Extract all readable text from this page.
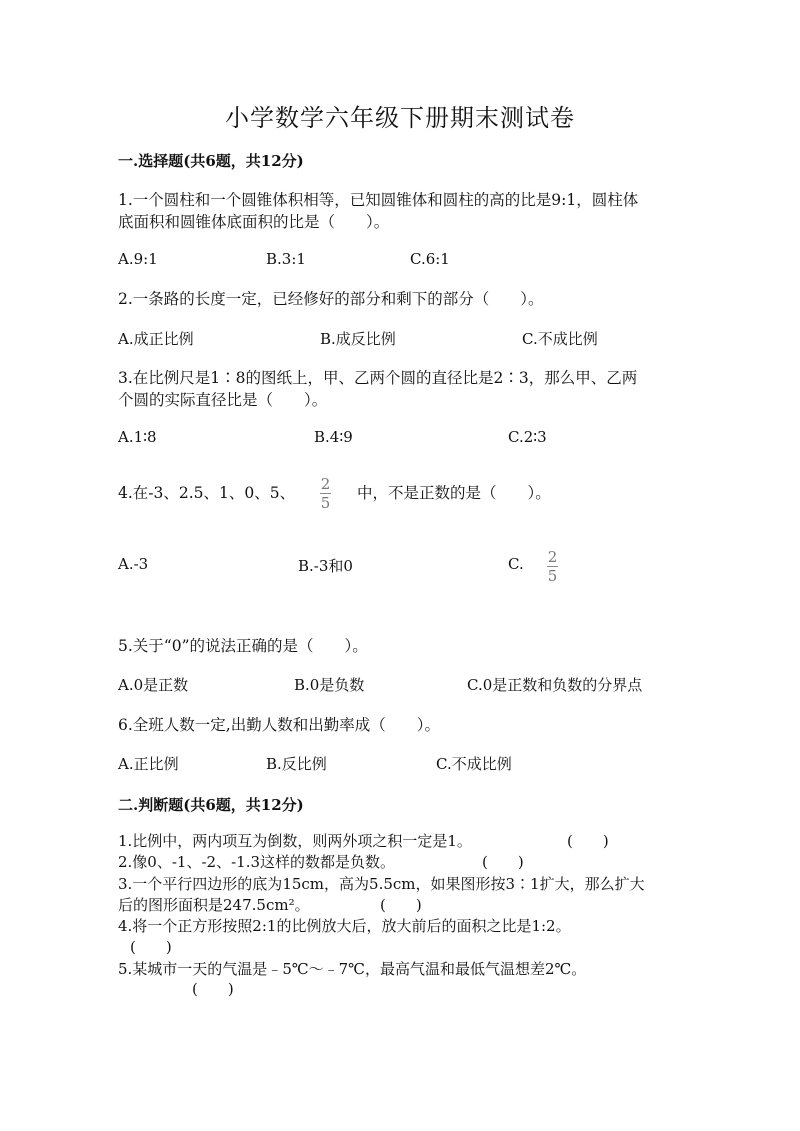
小学数学六年级下册期末测试卷
一.选择题(共6题，共12分)
1.一个圆柱和一个圆锥体积相等，已知圆锥体和圆柱的高的比是9:1，圆柱体
底面积和圆锥体底面积的比是（　　）。
A.9:1	B.3:1	C.6:1
2.一条路的长度一定，已经修好的部分和剩下的部分（　　）。
A.成正比例	B.成反比例	C.不成比例
3.在比例尺是1∶8的图纸上，甲、乙两个圆的直径比是2∶3，那么甲、乙两
个圆的实际直径比是（　　）。
A.1∶8	B.4∶9	C.2∶3
4.在-3、2.5、1、0、5、 2
5
中，不是正数的是（　　）。
A.-3	B.-3和0	C. 2
5
5.关于“0”的说法正确的是（　　）。
A.0是正数	B.0是负数	C.0是正数和负数的分界点
6.全班人数一定,出勤人数和出勤率成（　　）。
A.正比例	B.反比例	C.不成比例
二.判断题(共6题，共12分)
1.比例中，两内项互为倒数，则两外项之积一定是1。	(　　)
2.像0、-1、-2、-1.3这样的数都是负数。	(　　)
3.一个平行四边形的底为15cm，高为5.5cm，如果图形按3∶1扩大，那么扩大
后的图形面积是247.5cm²。	(　　)
4.将一个正方形按照2:1的比例放大后，放大前后的面积之比是1:2。
(　　)
5.某城市一天的气温是﹣5℃～﹣7℃，最高气温和最低气温想差2℃。
(　　)
